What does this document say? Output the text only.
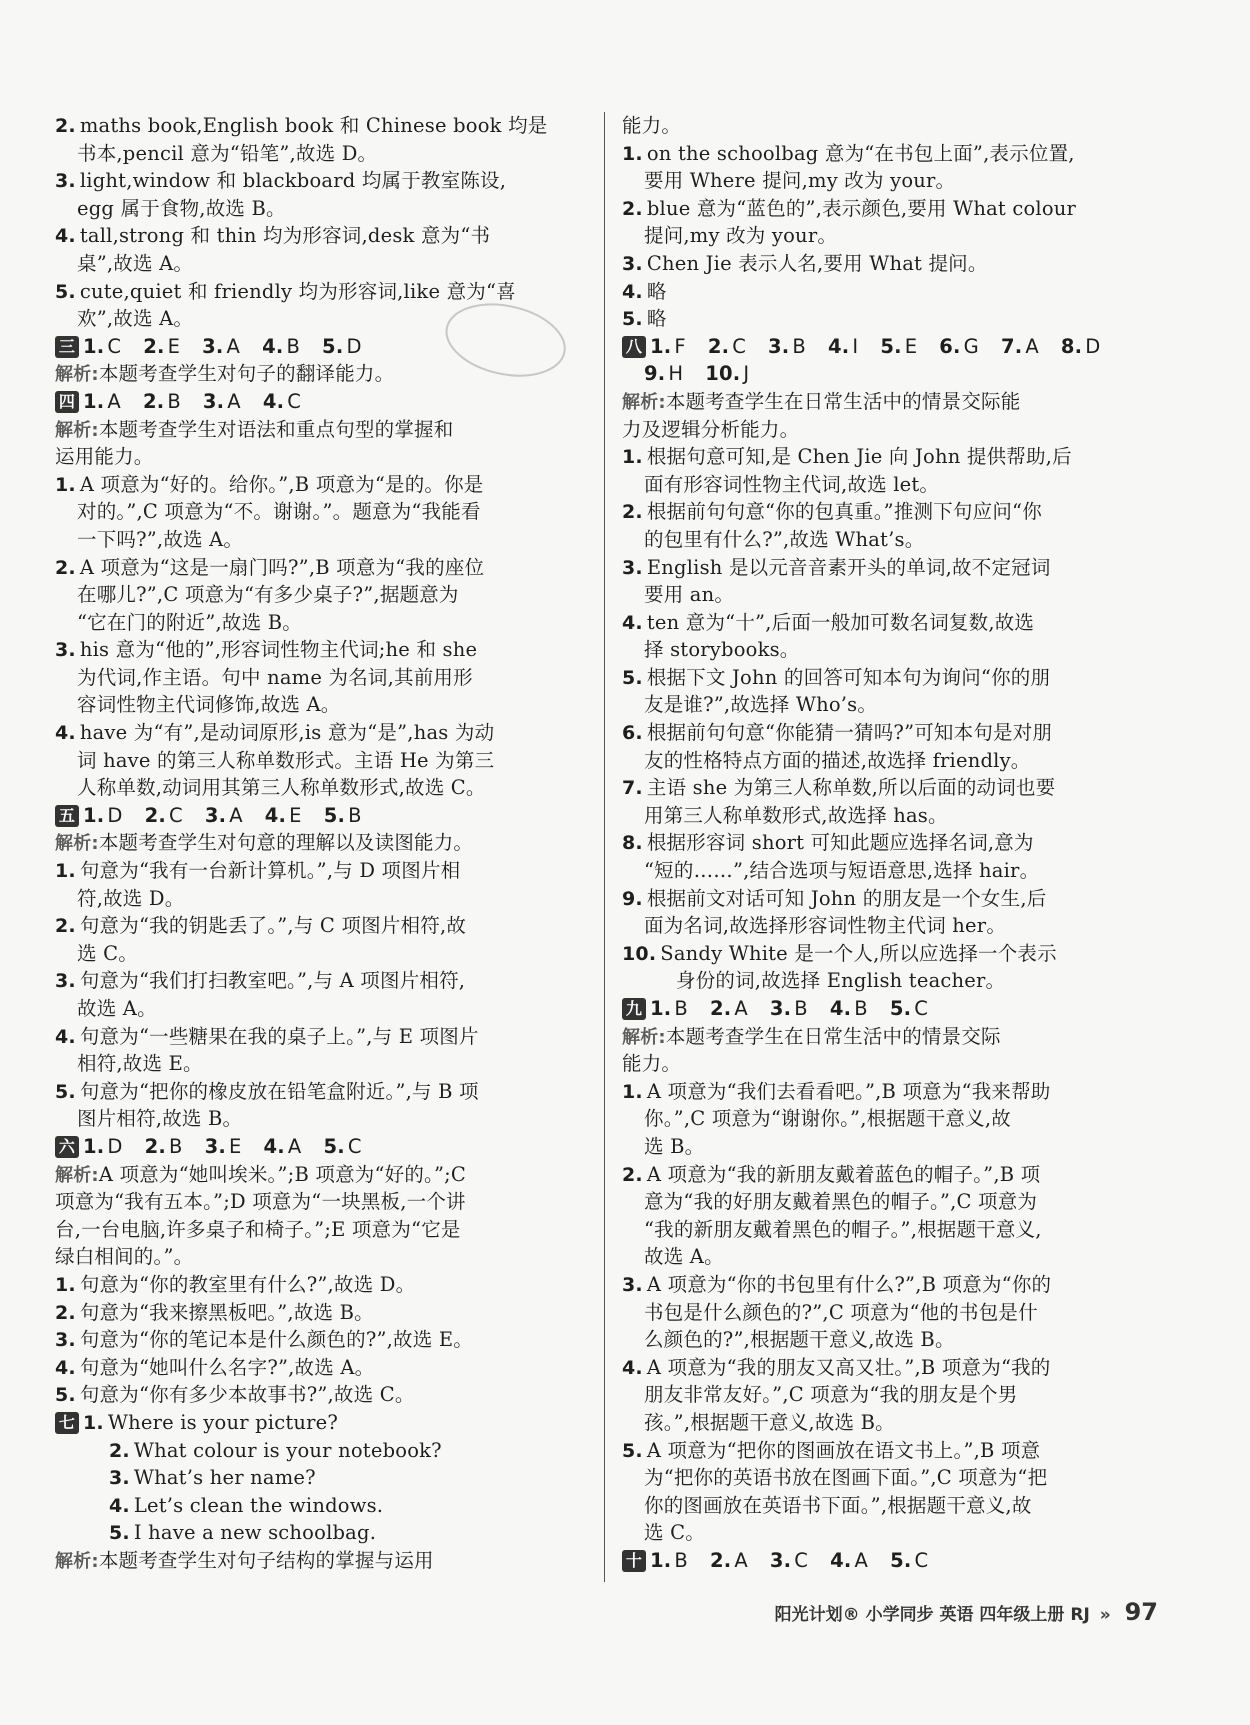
2. maths book,English book 和 Chinese book 均是
书本,pencil 意为“铅笔”,故选 D。
3. light,window 和 blackboard 均属于教室陈设,
egg 属于食物,故选 B。
4. tall,strong 和 thin 均为形容词,desk 意为“书
桌”,故选 A。
5. cute,quiet 和 friendly 均为形容词,like 意为“喜
欢”,故选 A。
三 1. C 2. E 3. A 4. B 5. D
解析:本题考查学生对句子的翻译能力。
四 1. A 2. B 3. A 4. C
解析:本题考查学生对语法和重点句型的掌握和
运用能力。
1. A 项意为“好的。给你。”,B 项意为“是的。你是
对的。”,C 项意为“不。谢谢。”。题意为“我能看
一下吗?”,故选 A。
2. A 项意为“这是一扇门吗?”,B 项意为“我的座位
在哪儿?”,C 项意为“有多少桌子?”,据题意为
“它在门的附近”,故选 B。
3. his 意为“他的”,形容词性物主代词;he 和 she
为代词,作主语。句中 name 为名词,其前用形
容词性物主代词修饰,故选 A。
4. have 为“有”,是动词原形,is 意为“是”,has 为动
词 have 的第三人称单数形式。主语 He 为第三
人称单数,动词用其第三人称单数形式,故选 C。
五 1. D 2. C 3. A 4. E 5. B
解析:本题考查学生对句意的理解以及读图能力。
1. 句意为“我有一台新计算机。”,与 D 项图片相
符,故选 D。
2. 句意为“我的钥匙丢了。”,与 C 项图片相符,故
选 C。
3. 句意为“我们打扫教室吧。”,与 A 项图片相符,
故选 A。
4. 句意为“一些糖果在我的桌子上。”,与 E 项图片
相符,故选 E。
5. 句意为“把你的橡皮放在铅笔盒附近。”,与 B 项
图片相符,故选 B。
六 1. D 2. B 3. E 4. A 5. C
解析:A 项意为“她叫埃米。”;B 项意为“好的。”;C
项意为“我有五本。”;D 项意为“一块黑板,一个讲
台,一台电脑,许多桌子和椅子。”;E 项意为“它是
绿白相间的。”。
1. 句意为“你的教室里有什么?”,故选 D。
2. 句意为“我来擦黑板吧。”,故选 B。
3. 句意为“你的笔记本是什么颜色的?”,故选 E。
4. 句意为“她叫什么名字?”,故选 A。
5. 句意为“你有多少本故事书?”,故选 C。
七 1. Where is your picture?
2. What colour is your notebook?
3. What’s her name?
4. Let’s clean the windows.
5. I have a new schoolbag.
解析:本题考查学生对句子结构的掌握与运用
能力。
1. on the schoolbag 意为“在书包上面”,表示位置,
要用 Where 提问,my 改为 your。
2. blue 意为“蓝色的”,表示颜色,要用 What colour
提问,my 改为 your。
3. Chen Jie 表示人名,要用 What 提问。
4. 略
5. 略
八 1. F 2. C 3. B 4. I 5. E 6. G 7. A 8. D
9. H 10. J
解析:本题考查学生在日常生活中的情景交际能
力及逻辑分析能力。
1. 根据句意可知,是 Chen Jie 向 John 提供帮助,后
面有形容词性物主代词,故选 let。
2. 根据前句句意“你的包真重。”推测下句应问“你
的包里有什么?”,故选 What’s。
3. English 是以元音音素开头的单词,故不定冠词
要用 an。
4. ten 意为“十”,后面一般加可数名词复数,故选
择 storybooks。
5. 根据下文 John 的回答可知本句为询问“你的朋
友是谁?”,故选择 Who’s。
6. 根据前句句意“你能猜一猜吗?”可知本句是对朋
友的性格特点方面的描述,故选择 friendly。
7. 主语 she 为第三人称单数,所以后面的动词也要
用第三人称单数形式,故选择 has。
8. 根据形容词 short 可知此题应选择名词,意为
“短的……”,结合选项与短语意思,选择 hair。
9. 根据前文对话可知 John 的朋友是一个女生,后
面为名词,故选择形容词性物主代词 her。
10. Sandy White 是一个人,所以应选择一个表示
身份的词,故选择 English teacher。
九 1. B 2. A 3. B 4. B 5. C
解析:本题考查学生在日常生活中的情景交际
能力。
1. A 项意为“我们去看看吧。”,B 项意为“我来帮助
你。”,C 项意为“谢谢你。”,根据题干意义,故
选 B。
2. A 项意为“我的新朋友戴着蓝色的帽子。”,B 项
意为“我的好朋友戴着黑色的帽子。”,C 项意为
“我的新朋友戴着黑色的帽子。”,根据题干意义,
故选 A。
3. A 项意为“你的书包里有什么?”,B 项意为“你的
书包是什么颜色的?”,C 项意为“他的书包是什
么颜色的?”,根据题干意义,故选 B。
4. A 项意为“我的朋友又高又壮。”,B 项意为“我的
朋友非常友好。”,C 项意为“我的朋友是个男
孩。”,根据题干意义,故选 B。
5. A 项意为“把你的图画放在语文书上。”,B 项意
为“把你的英语书放在图画下面。”,C 项意为“把
你的图画放在英语书下面。”,根据题干意义,故
选 C。
十 1. B 2. A 3. C 4. A 5. C
阳光计划® 小学同步 英语 四年级上册 RJ » 97
